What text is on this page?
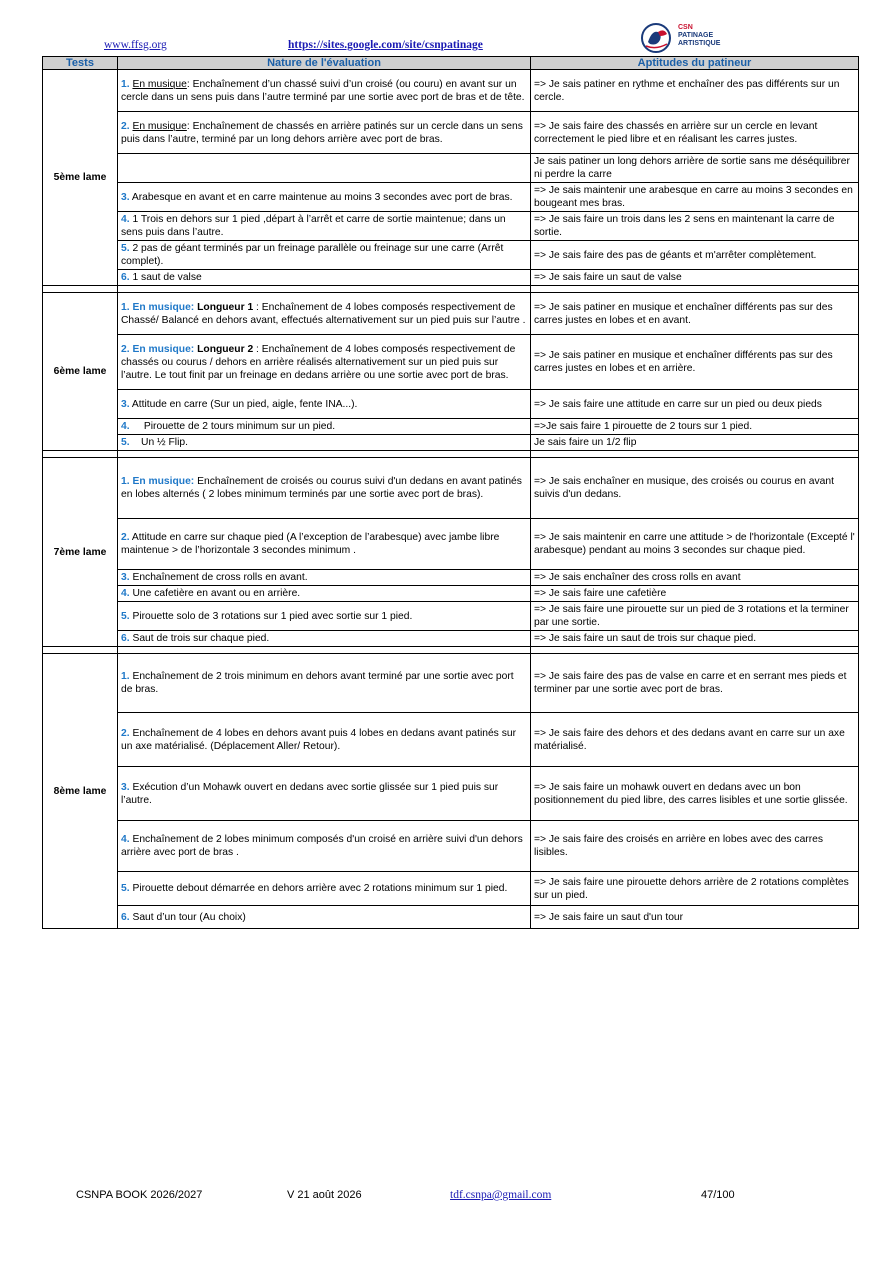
www.ffsg.org	https://sites.google.com/site/csnpatinage
CSN
PATINAGE
ARTISTIQUE
Tests	Nature de l'évaluation	Aptitudes du patineur
5ème lame	1. En musique: Enchaînement d’un chassé suivi d’un croisé (ou couru) en avant sur un cercle dans un sens puis dans l’autre terminé par une sortie avec port de bras et de tête.	=> Je sais patiner en rythme et enchaîner des pas différents sur un cercle.
	2. En musique: Enchaînement de chassés en arrière patinés sur un cercle dans un sens puis dans l’autre, terminé par un long dehors arrière avec port de bras.	=> Je sais faire des chassés en arrière sur un cercle en levant correctement le pied libre et en réalisant les carres justes.
		Je sais patiner un long dehors arrière de sortie sans me déséquilibrer ni perdre la carre
	3. Arabesque en avant et en carre maintenue au moins 3 secondes avec port de bras.	=> Je sais maintenir une arabesque en carre au moins 3 secondes en bougeant mes bras.
	4. 1 Trois en dehors sur 1 pied ,départ à l’arrêt et carre de sortie maintenue; dans un sens puis dans l’autre.	=> Je sais faire un trois dans les 2 sens en maintenant la carre de sortie.
	5. 2 pas de géant terminés par un freinage parallèle ou freinage sur une carre (Arrêt complet).	=> Je sais faire des pas de géants et m'arrêter complètement.
	6. 1 saut de valse	=> Je sais faire un saut de valse

6ème lame	1. En musique: Longueur 1 : Enchaînement de 4 lobes composés respectivement de Chassé/ Balancé en dehors avant, effectués alternativement sur un pied puis sur l’autre .	=> Je sais patiner en musique et enchaîner différents pas sur des carres justes en lobes et en avant.
	2. En musique: Longueur 2 : Enchaînement de 4 lobes composés respectivement de chassés ou courus / dehors en arrière réalisés alternativement sur un pied puis sur l’autre. Le tout finit par un freinage en dedans arrière ou une sortie avec port de bras.	=> Je sais patiner en musique et enchaîner différents pas sur des carres justes en lobes et en arrière.
	3. Attitude en carre (Sur un pied, aigle, fente INA...).	=> Je sais faire une attitude en carre sur un pied ou deux pieds
	4.     Pirouette de 2 tours minimum sur un pied.	=>Je sais faire 1 pirouette de 2 tours sur 1 pied.
	5.    Un ½ Flip.	Je sais faire un 1/2 flip

7ème lame	1. En musique: Enchaînement de croisés ou courus suivi d'un dedans en avant patinés en lobes alternés ( 2 lobes minimum terminés par une sortie avec port de bras).	=> Je sais enchaîner en musique, des croisés ou courus en avant suivis d'un dedans.
	2. Attitude en carre sur chaque pied (A l’exception de l’arabesque) avec jambe libre maintenue > de l’horizontale 3 secondes minimum .	=> Je sais maintenir en carre une attitude > de l'horizontale (Excepté l' arabesque) pendant au moins 3 secondes sur chaque pied.
	3. Enchaînement de cross rolls en avant.	=> Je sais enchaîner des cross rolls en avant
	4. Une cafetière en avant ou en arrière.	=> Je sais faire une cafetière
	5. Pirouette solo de 3 rotations sur 1 pied avec sortie sur 1 pied.	=> Je sais faire une pirouette sur un pied de 3 rotations et la terminer par une sortie.
	6. Saut de trois sur chaque pied.	=> Je sais faire un saut de trois sur chaque pied.

8ème lame	1. Enchaînement de 2 trois minimum en dehors avant terminé par une sortie avec port de bras.	=> Je sais faire des pas de valse en carre et en serrant mes pieds et terminer par une sortie avec port de bras.
	2. Enchaînement de 4 lobes en dehors avant puis 4 lobes en dedans avant patinés sur un axe matérialisé. (Déplacement Aller/ Retour).	=> Je sais faire des dehors et des dedans avant en carre sur un axe matérialisé.
	3. Exécution d’un Mohawk ouvert en dedans avec sortie glissée sur 1 pied puis sur l’autre.	=> Je sais faire un mohawk ouvert en dedans avec un bon positionnement du pied libre, des carres lisibles et une sortie glissée.
	4. Enchaînement de 2 lobes minimum composés d'un croisé en arrière suivi d'un dehors arrière avec port de bras .	=> Je sais faire des croisés en arrière en lobes avec des carres lisibles.
	5. Pirouette debout démarrée en dehors arrière avec 2 rotations minimum sur 1 pied.	=> Je sais faire une pirouette dehors arrière de 2 rotations complètes sur un pied.
	6. Saut d’un tour (Au choix)	=> Je sais faire un saut d'un tour
CSNPA BOOK 2026/2027	V 21 août 2026	tdf.csnpa@gmail.com	47/100
